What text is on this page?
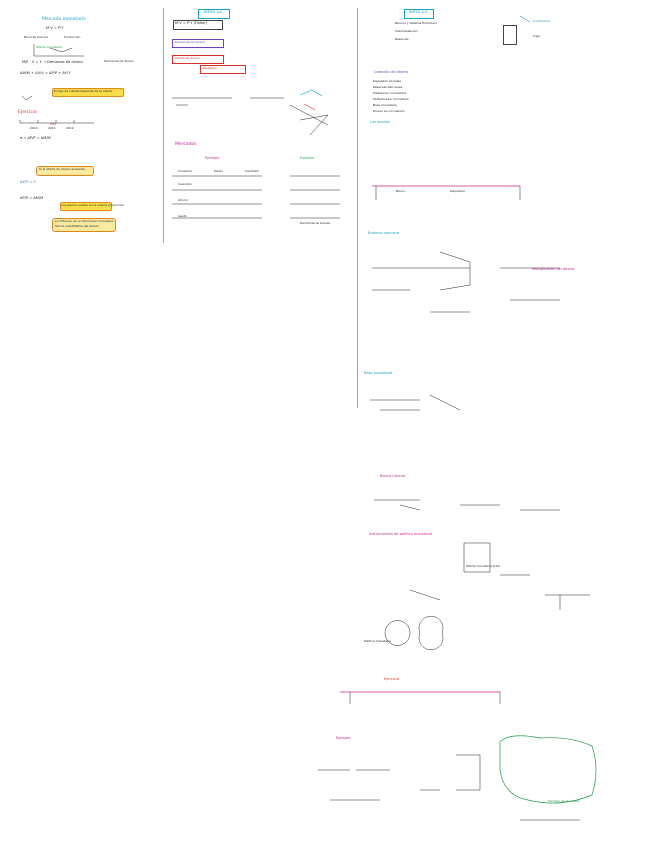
Mercado monetario
M·V = P·Y
Nivel de precios	Producción
Oferta monetaria
M/P · V = Y → Demanda de dinero	Demanda de dinero
ΔM/M + ΔV/V = ΔP/P + ΔY/Y
El tipo de interés depende de la oferta
Ejercicio
2010	2011	2012
π = ΔP/P = ΔM/M
Si la oferta de dinero aumenta
ΔY/Y = 0
ΔP/P = ΔM/M
Los precios suben en la misma proporción
La inflación es un fenómeno monetario
Teoría cuantitativa del dinero
Tema 12
M·V = P·Y (Fisher)
Demanda de dinero
Oferta de dinero
Equilibrio
Mercados
Ejemplo
Consumo
Inversión
Ahorro
Gasto
Precio	Cantidad
Función
Demanda de bienes
Tema 13
Bancos y sistema financiero
Intermediación
Reservas
Coeficiente
Caja
Creación de dinero
Depósitos iniciales
Reservas bancarias
Préstamos concedidos
Multiplicador monetario
Base monetaria
Dinero en circulación
Los bancos
Banco	Depósitos
Balance bancario
Multiplicador del dinero
Base monetaria
Banco Central
Instrumentos de política monetaria
Oferta monetaria total
Política monetaria
Ejercicio
Ejemplo
Ejemplo de la cuenta
